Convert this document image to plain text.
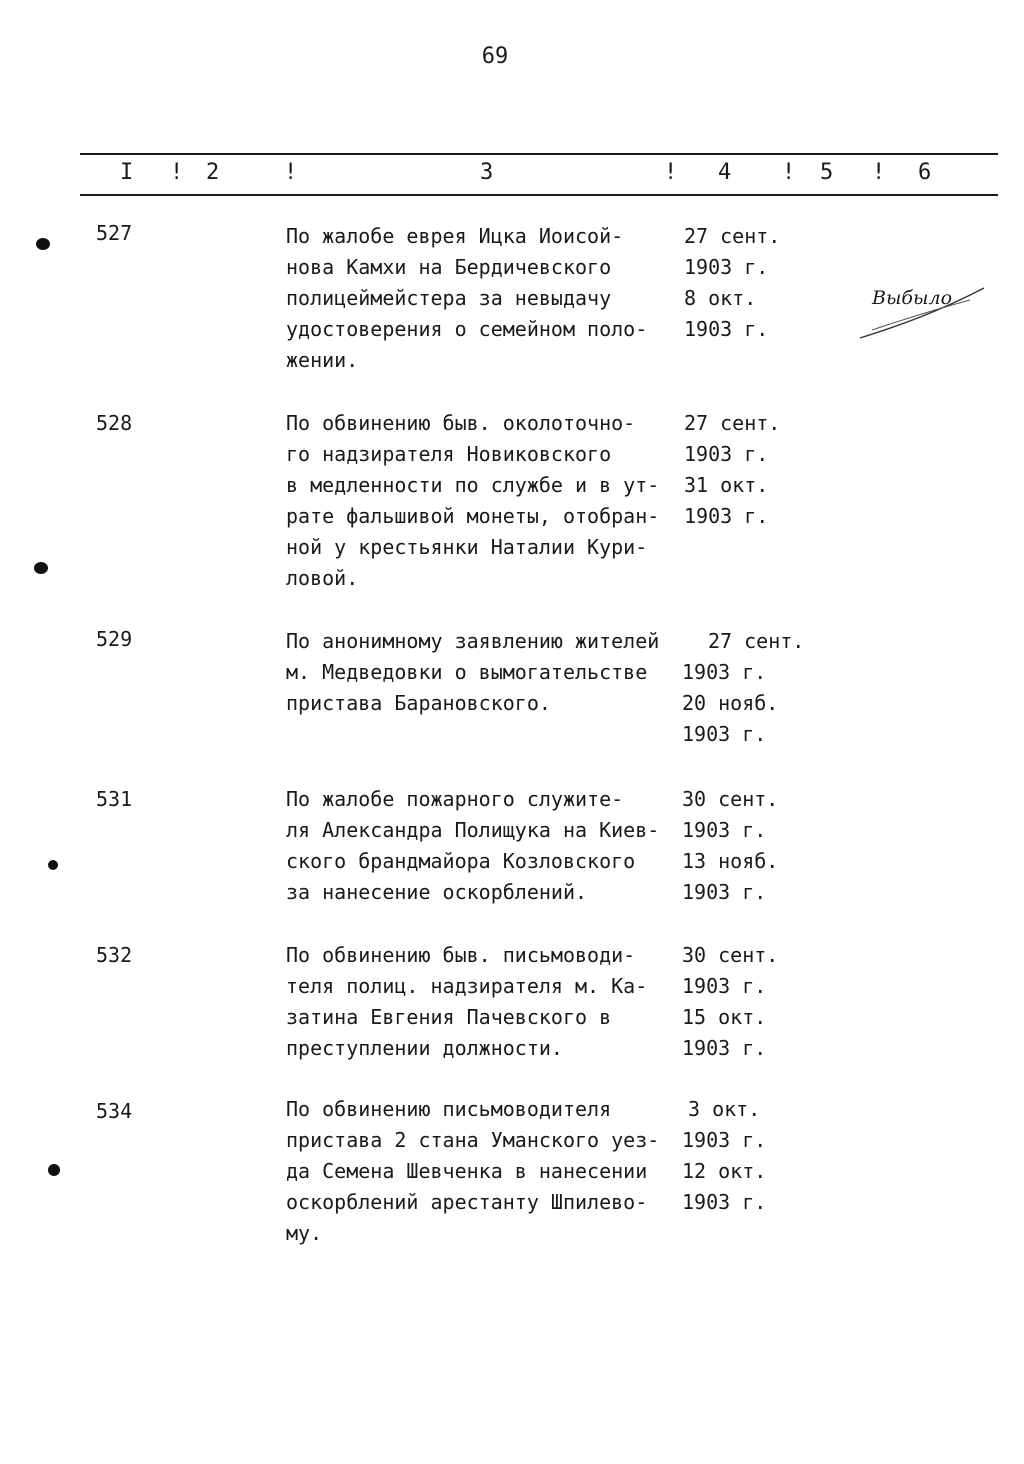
69
I ! 2	!	3	! 4 ! 5 ! 6
527	По жалобе еврея Ицка Иоисой-
нова Камхи на Бердичевского
полицеймейстера за невыдачу
удостоверения о семейном поло-
жении.
27 сент.
1903 г.
8 окт.
1903 г.
Выбыло
528	По обвинению быв. околоточно-
го надзирателя Новиковского
в медленности по службе и в ут-
рате фальшивой монеты, отобран-
ной у крестьянки Наталии Кури-
ловой.
27 сент.
1903 г.
31 окт.
1903 г.
529	По анонимному заявлению жителей
м. Медведовки о вымогательстве
пристава Барановского.
27 сент.
1903 г.
20 нояб.
1903 г.
531	По жалобе пожарного служите-
ля Александра Полищука на Киев-
ского брандмайора Козловского
за нанесение оскорблений.
30 сент.
1903 г.
13 нояб.
1903 г.
532	По обвинению быв. письмоводи-
теля полиц. надзирателя м. Ка-
затина Евгения Пачевского в
преступлении должности.
30 сент.
1903 г.
15 окт.
1903 г.
534	По обвинению письмоводителя
пристава 2 стана Уманского уез-
да Семена Шевченка в нанесении
оскорблений арестанту Шпилево-
му.
3 окт.
1903 г.
12 окт.
1903 г.
